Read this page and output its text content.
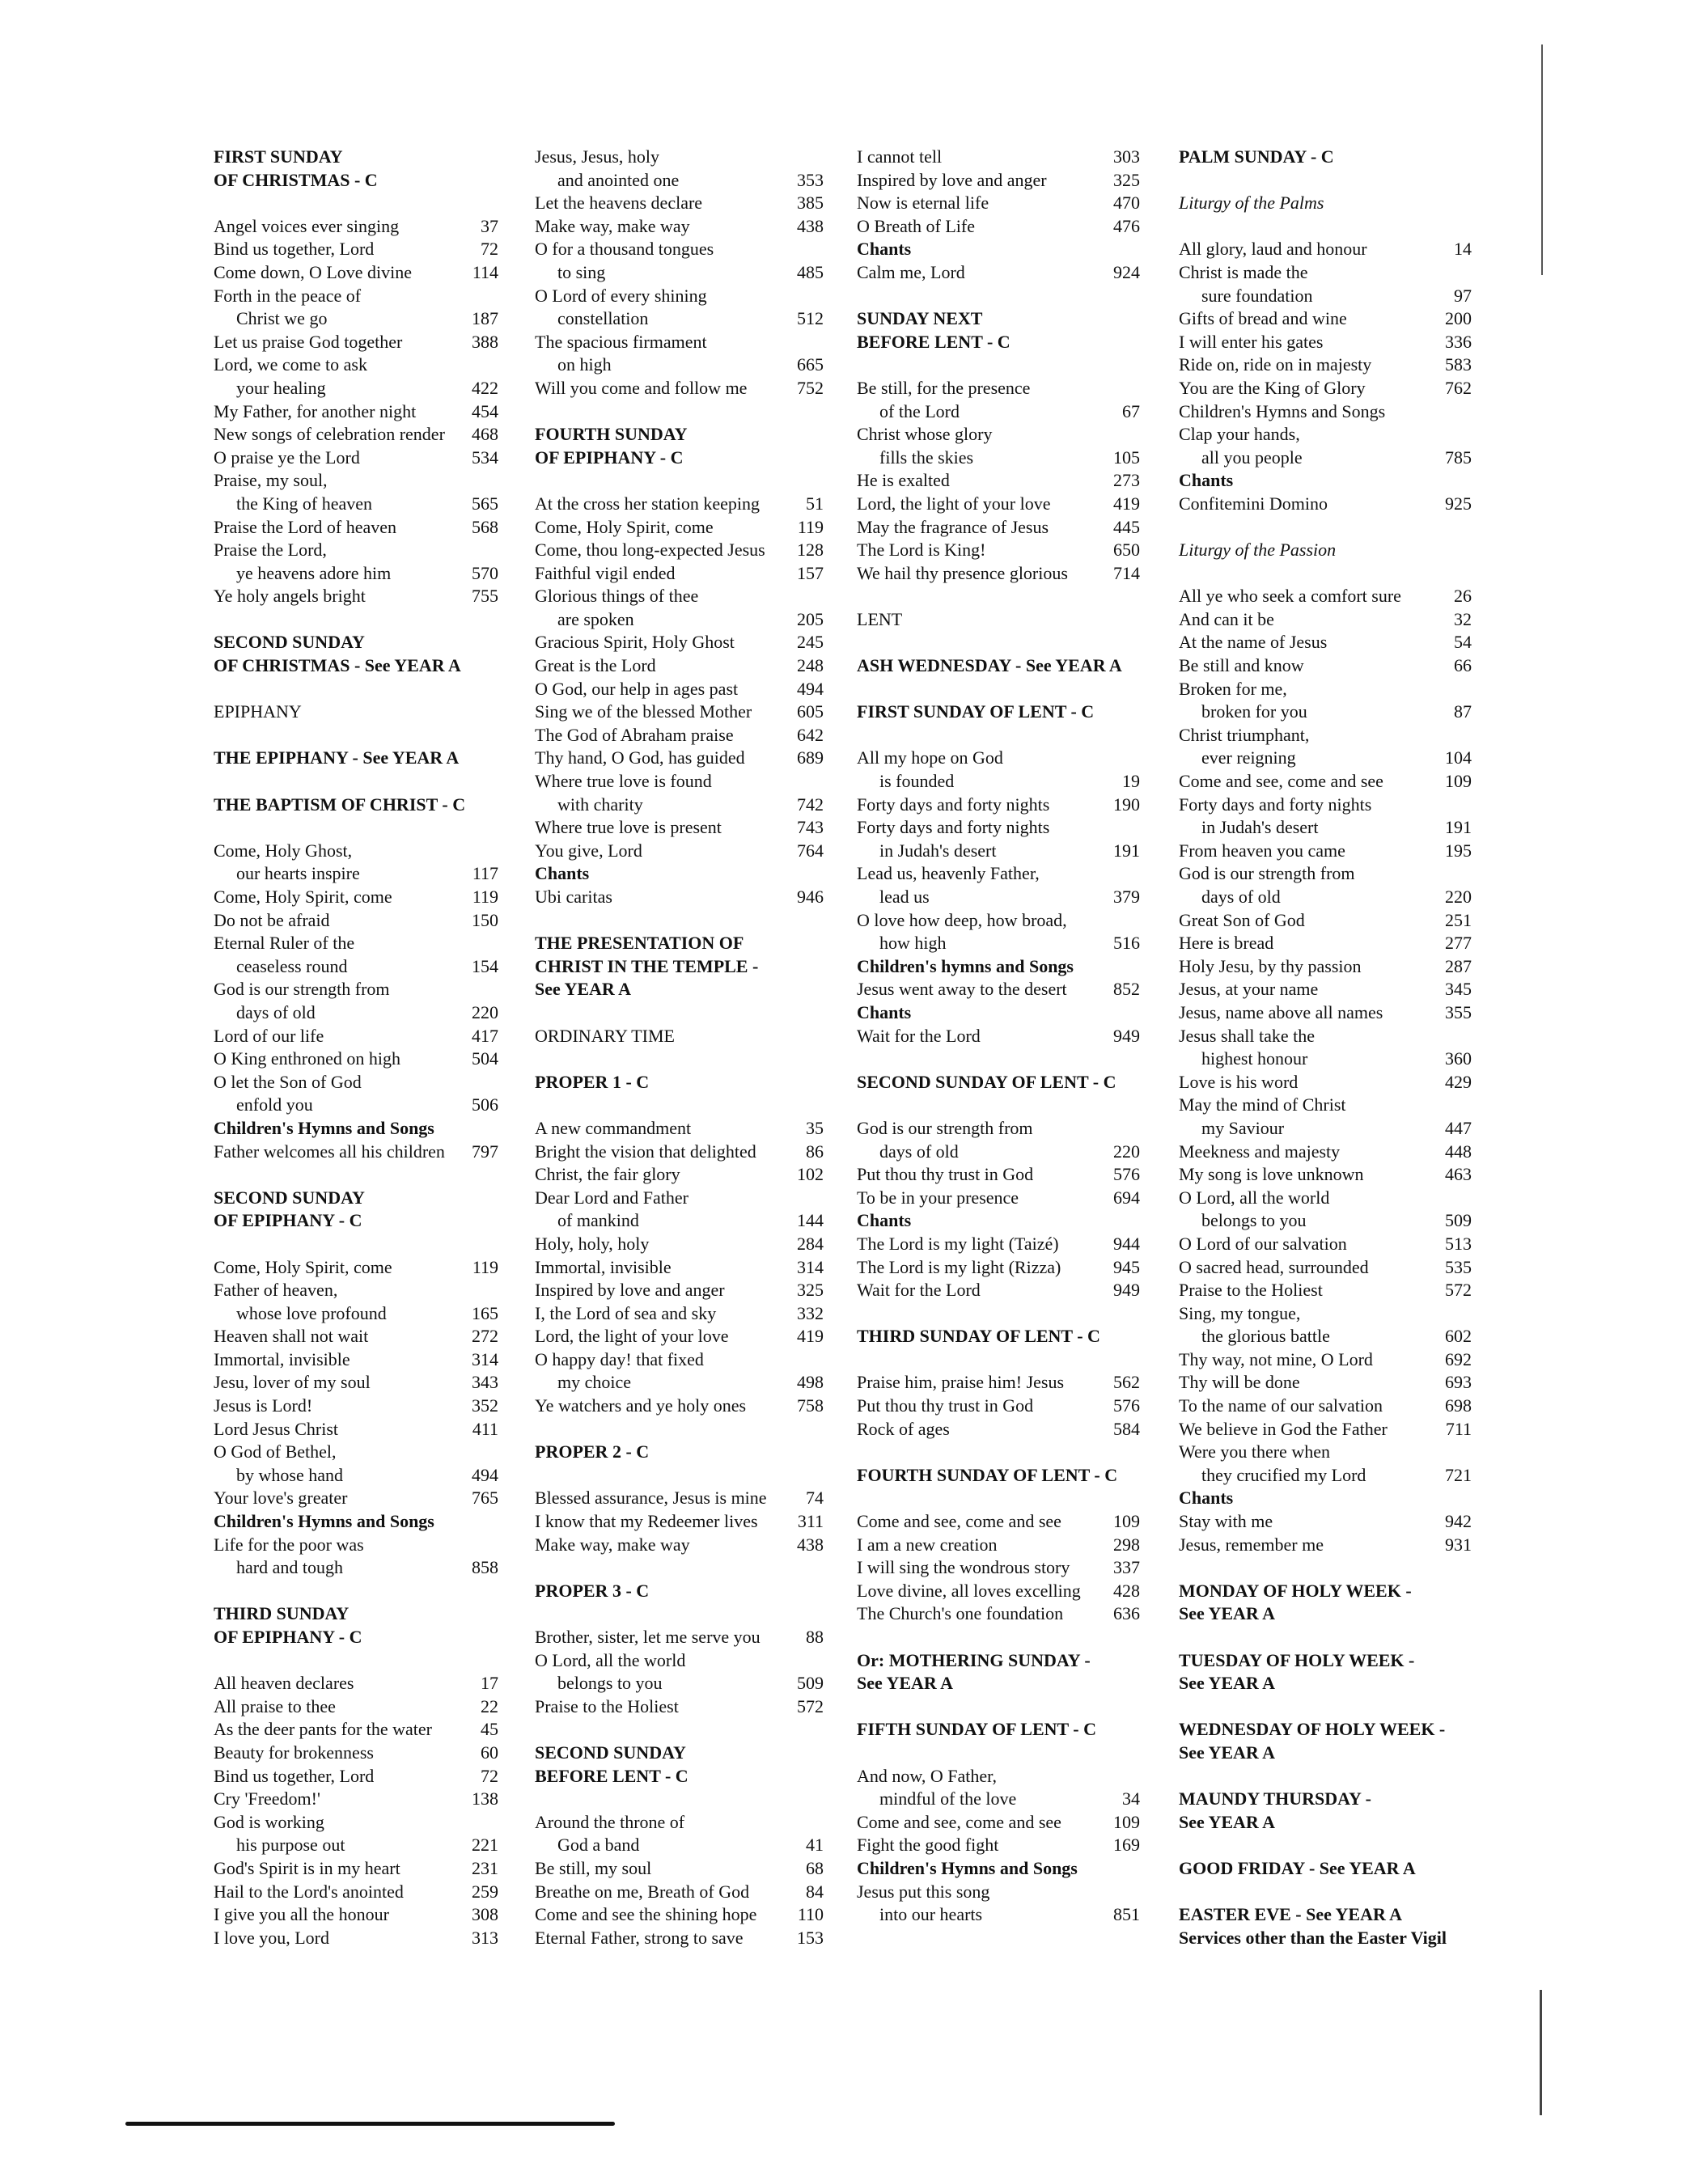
FIRST SUNDAY
OF CHRISTMAS - C
Angel voices ever singing	37
Bind us together, Lord	72
Come down, O Love divine	114
Forth in the peace of
Christ we go	187
Let us praise God together	388
Lord, we come to ask
your healing	422
My Father, for another night	454
New songs of celebration render	468
O praise ye the Lord	534
Praise, my soul,
the King of heaven	565
Praise the Lord of heaven	568
Praise the Lord,
ye heavens adore him	570
Ye holy angels bright	755
SECOND SUNDAY
OF CHRISTMAS - See YEAR A
EPIPHANY
THE EPIPHANY - See YEAR A
THE BAPTISM OF CHRIST - C
Come, Holy Ghost,
our hearts inspire	117
Come, Holy Spirit, come	119
Do not be afraid	150
Eternal Ruler of the
ceaseless round	154
God is our strength from
days of old	220
Lord of our life	417
O King enthroned on high	504
O let the Son of God
enfold you	506
Children's Hymns and Songs
Father welcomes all his children	797
SECOND SUNDAY
OF EPIPHANY - C
Come, Holy Spirit, come	119
Father of heaven,
whose love profound	165
Heaven shall not wait	272
Immortal, invisible	314
Jesu, lover of my soul	343
Jesus is Lord!	352
Lord Jesus Christ	411
O God of Bethel,
by whose hand	494
Your love's greater	765
Children's Hymns and Songs
Life for the poor was
hard and tough	858
THIRD SUNDAY
OF EPIPHANY - C
All heaven declares	17
All praise to thee	22
As the deer pants for the water	45
Beauty for brokenness	60
Bind us together, Lord	72
Cry 'Freedom!'	138
God is working
his purpose out	221
God's Spirit is in my heart	231
Hail to the Lord's anointed	259
I give you all the honour	308
I love you, Lord	313
Jesus, Jesus, holy
and anointed one	353
Let the heavens declare	385
Make way, make way	438
O for a thousand tongues
to sing	485
O Lord of every shining
constellation	512
The spacious firmament
on high	665
Will you come and follow me	752
FOURTH SUNDAY
OF EPIPHANY - C
At the cross her station keeping	51
Come, Holy Spirit, come	119
Come, thou long-expected Jesus	128
Faithful vigil ended	157
Glorious things of thee
are spoken	205
Gracious Spirit, Holy Ghost	245
Great is the Lord	248
O God, our help in ages past	494
Sing we of the blessed Mother	605
The God of Abraham praise	642
Thy hand, O God, has guided	689
Where true love is found
with charity	742
Where true love is present	743
You give, Lord	764
Chants
Ubi caritas	946
THE PRESENTATION OF
CHRIST IN THE TEMPLE -
See YEAR A
ORDINARY TIME
PROPER 1 - C
A new commandment	35
Bright the vision that delighted	86
Christ, the fair glory	102
Dear Lord and Father
of mankind	144
Holy, holy, holy	284
Immortal, invisible	314
Inspired by love and anger	325
I, the Lord of sea and sky	332
Lord, the light of your love	419
O happy day! that fixed
my choice	498
Ye watchers and ye holy ones	758
PROPER 2 - C
Blessed assurance, Jesus is mine	74
I know that my Redeemer lives	311
Make way, make way	438
PROPER 3 - C
Brother, sister, let me serve you	88
O Lord, all the world
belongs to you	509
Praise to the Holiest	572
SECOND SUNDAY
BEFORE LENT - C
Around the throne of
God a band	41
Be still, my soul	68
Breathe on me, Breath of God	84
Come and see the shining hope	110
Eternal Father, strong to save	153
I cannot tell	303
Inspired by love and anger	325
Now is eternal life	470
O Breath of Life	476
Chants
Calm me, Lord	924
SUNDAY NEXT
BEFORE LENT - C
Be still, for the presence
of the Lord	67
Christ whose glory
fills the skies	105
He is exalted	273
Lord, the light of your love	419
May the fragrance of Jesus	445
The Lord is King!	650
We hail thy presence glorious	714
LENT
ASH WEDNESDAY - See YEAR A
FIRST SUNDAY OF LENT - C
All my hope on God
is founded	19
Forty days and forty nights	190
Forty days and forty nights
in Judah's desert	191
Lead us, heavenly Father,
lead us	379
O love how deep, how broad,
how high	516
Children's hymns and Songs
Jesus went away to the desert	852
Chants
Wait for the Lord	949
SECOND SUNDAY OF LENT - C
God is our strength from
days of old	220
Put thou thy trust in God	576
To be in your presence	694
Chants
The Lord is my light (Taizé)	944
The Lord is my light (Rizza)	945
Wait for the Lord	949
THIRD SUNDAY OF LENT - C
Praise him, praise him! Jesus	562
Put thou thy trust in God	576
Rock of ages	584
FOURTH SUNDAY OF LENT - C
Come and see, come and see	109
I am a new creation	298
I will sing the wondrous story	337
Love divine, all loves excelling	428
The Church's one foundation	636
Or: MOTHERING SUNDAY -
See YEAR A
FIFTH SUNDAY OF LENT - C
And now, O Father,
mindful of the love	34
Come and see, come and see	109
Fight the good fight	169
Children's Hymns and Songs
Jesus put this song
into our hearts	851
PALM SUNDAY - C
Liturgy of the Palms
All glory, laud and honour	14
Christ is made the
sure foundation	97
Gifts of bread and wine	200
I will enter his gates	336
Ride on, ride on in majesty	583
You are the King of Glory	762
Children's Hymns and Songs
Clap your hands,
all you people	785
Chants
Confitemini Domino	925
Liturgy of the Passion
All ye who seek a comfort sure	26
And can it be	32
At the name of Jesus	54
Be still and know	66
Broken for me,
broken for you	87
Christ triumphant,
ever reigning	104
Come and see, come and see	109
Forty days and forty nights
in Judah's desert	191
From heaven you came	195
God is our strength from
days of old	220
Great Son of God	251
Here is bread	277
Holy Jesu, by thy passion	287
Jesus, at your name	345
Jesus, name above all names	355
Jesus shall take the
highest honour	360
Love is his word	429
May the mind of Christ
my Saviour	447
Meekness and majesty	448
My song is love unknown	463
O Lord, all the world
belongs to you	509
O Lord of our salvation	513
O sacred head, surrounded	535
Praise to the Holiest	572
Sing, my tongue,
the glorious battle	602
Thy way, not mine, O Lord	692
Thy will be done	693
To the name of our salvation	698
We believe in God the Father	711
Were you there when
they crucified my Lord	721
Chants
Stay with me	942
Jesus, remember me	931
MONDAY OF HOLY WEEK -
See YEAR A
TUESDAY OF HOLY WEEK -
See YEAR A
WEDNESDAY OF HOLY WEEK -
See YEAR A
MAUNDY THURSDAY -
See YEAR A
GOOD FRIDAY - See YEAR A
EASTER EVE - See YEAR A
Services other than the Easter Vigil
